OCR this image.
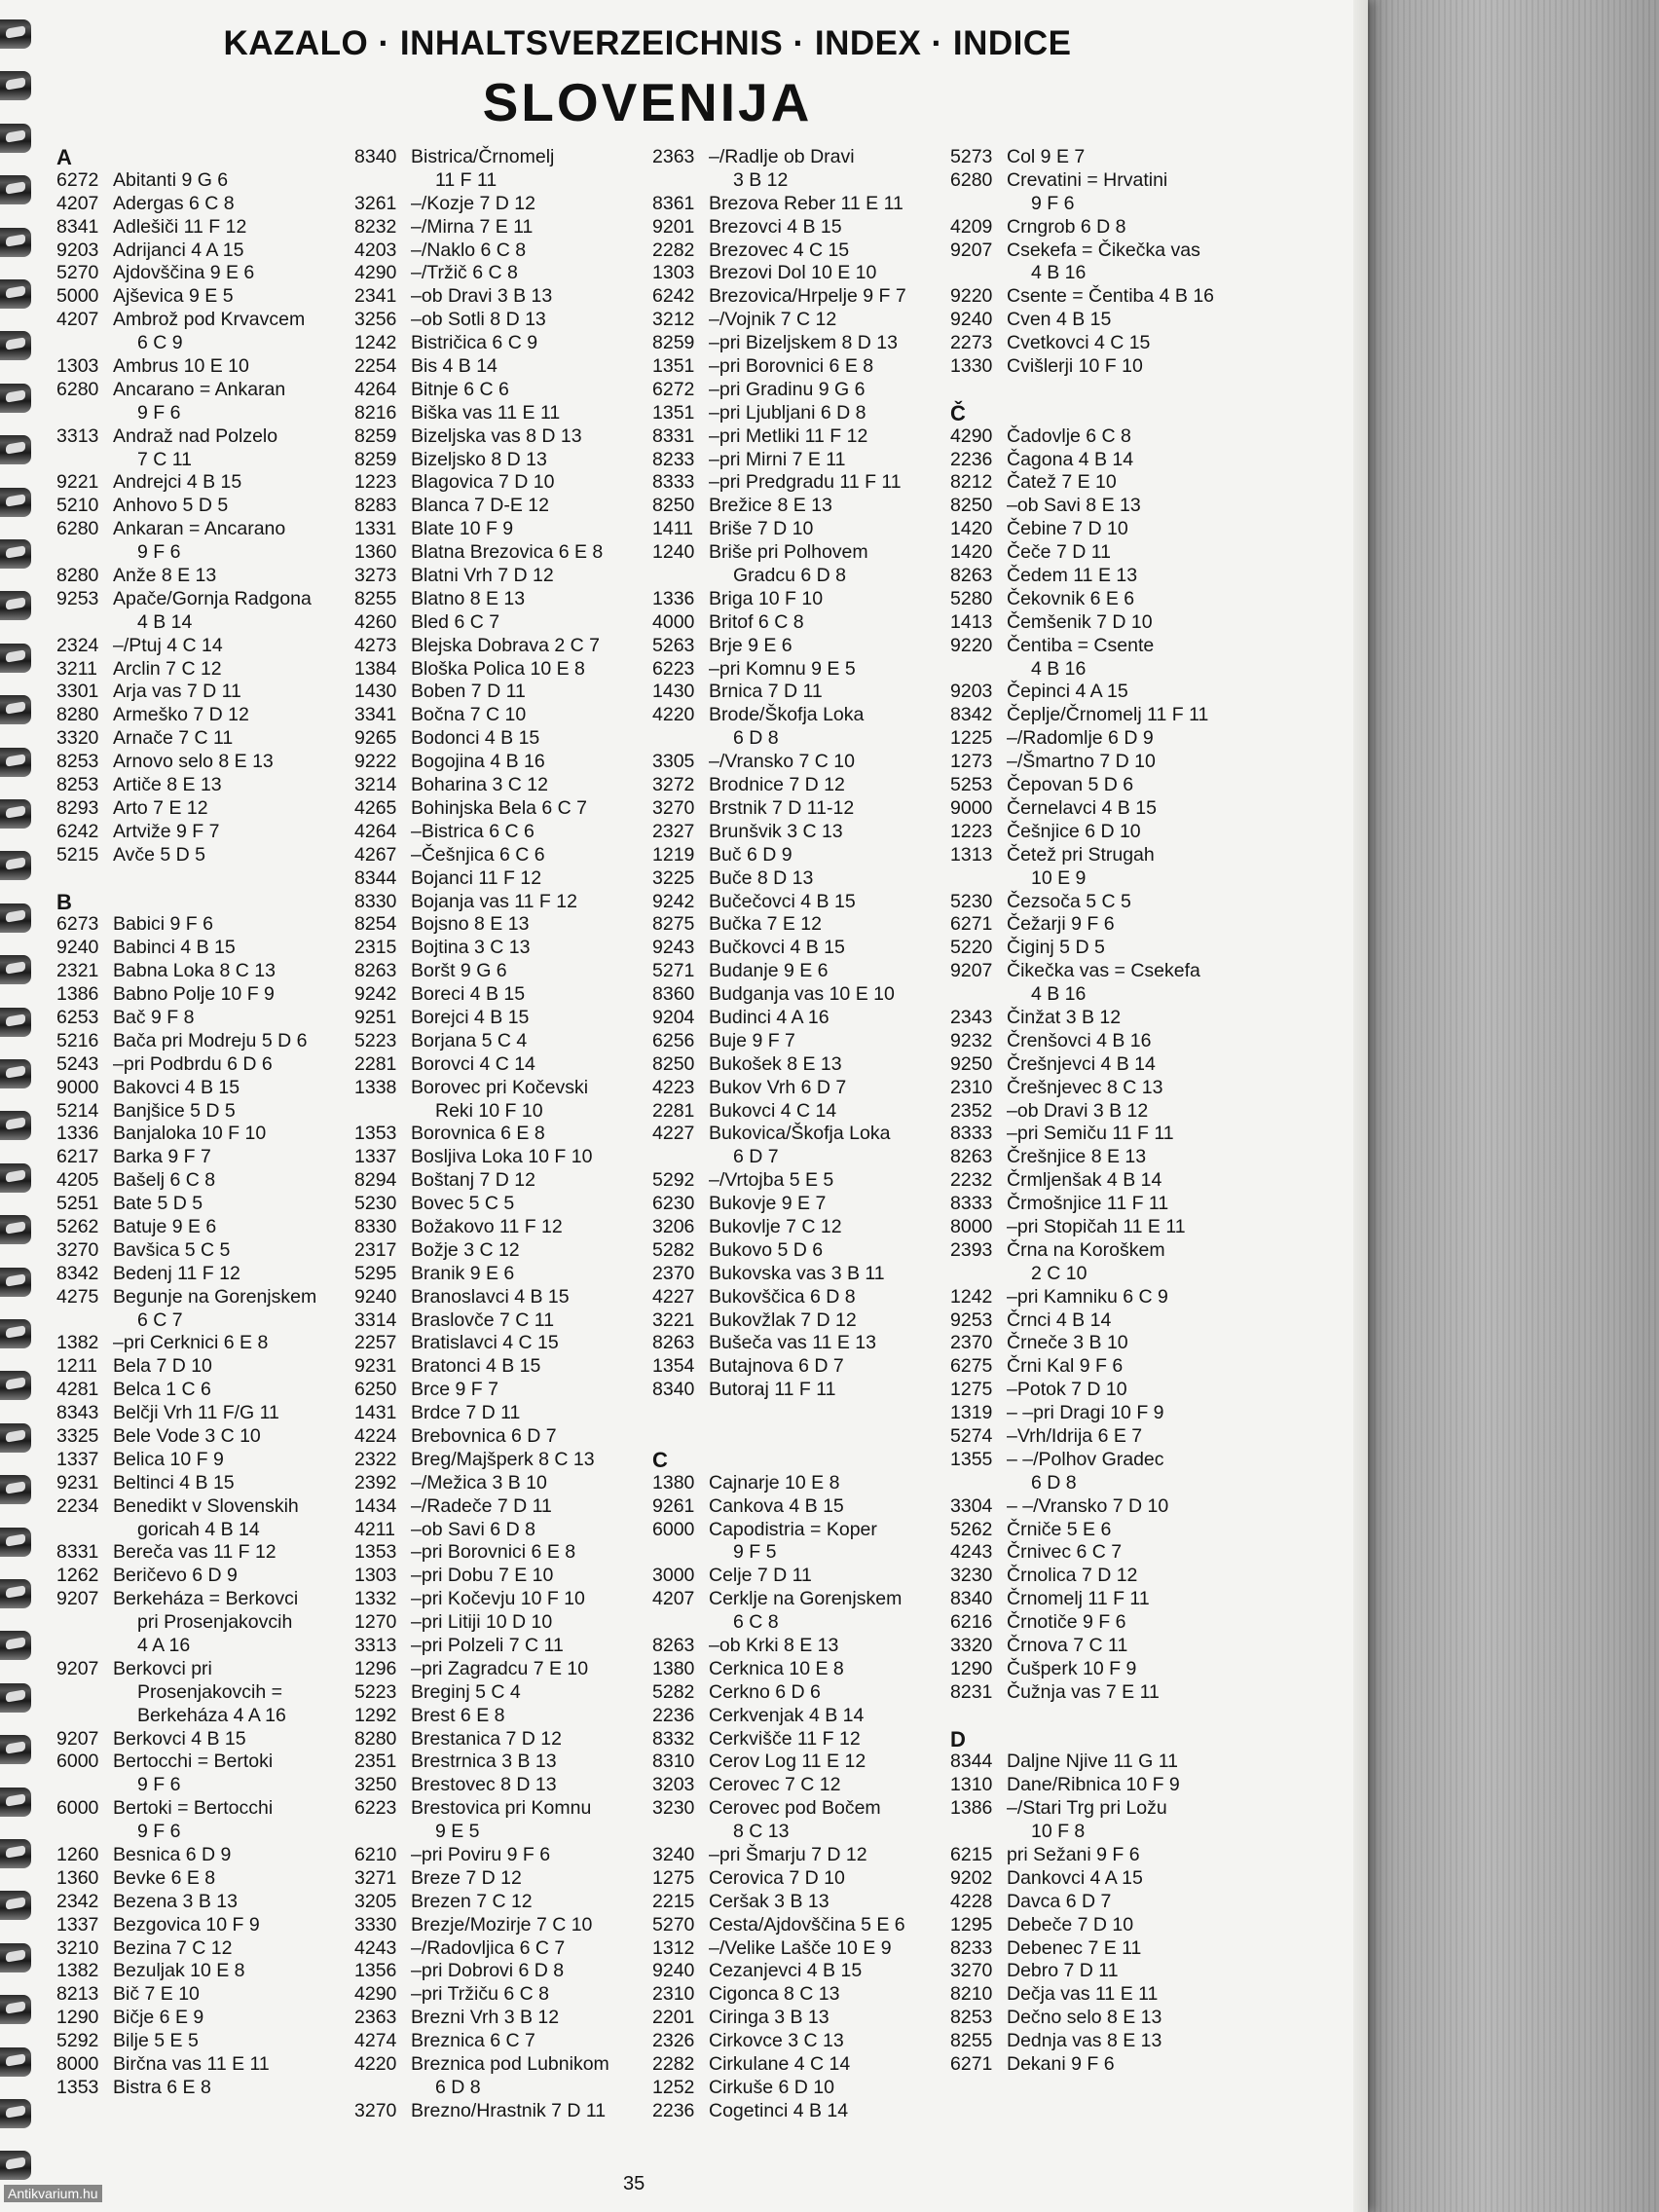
KAZALO · INHALTSVERZEICHNIS · INDEX · INDICE
SLOVENIJA
A
6272 Abitanti 9 G 6
4207 Adergas 6 C 8
8341 Adlešiči 11 F 12
9203 Adrijanci 4 A 15
5270 Ajdovščina 9 E 6
5000 Ajševica 9 E 5
4207 Ambrož pod Krvavcem
6 C 9
1303 Ambrus 10 E 10
6280 Ancarano = Ankaran
9 F 6
3313 Andraž nad Polzelo
7 C 11
9221 Andrejci 4 B 15
5210 Anhovo 5 D 5
6280 Ankaran = Ancarano
9 F 6
8280 Anže 8 E 13
9253 Apače/Gornja Radgona
4 B 14
2324 –/Ptuj 4 C 14
3211 Arclin 7 C 12
3301 Arja vas 7 D 11
8280 Armeško 7 D 12
3320 Arnače 7 C 11
8253 Arnovo selo 8 E 13
8253 Artiče 8 E 13
8293 Arto 7 E 12
6242 Artviže 9 F 7
5215 Avče 5 D 5
B
6273 Babici 9 F 6
9240 Babinci 4 B 15
2321 Babna Loka 8 C 13
1386 Babno Polje 10 F 9
6253 Bač 9 F 8
5216 Bača pri Modreju 5 D 6
5243 –pri Podbrdu 6 D 6
9000 Bakovci 4 B 15
5214 Banjšice 5 D 5
1336 Banjaloka 10 F 10
6217 Barka 9 F 7
4205 Bašelj 6 C 8
5251 Bate 5 D 5
5262 Batuje 9 E 6
3270 Bavšica 5 C 5
8342 Bedenj 11 F 12
4275 Begunje na Gorenjskem
6 C 7
1382 –pri Cerknici 6 E 8
1211 Bela 7 D 10
4281 Belca 1 C 6
8343 Belčji Vrh 11 F/G 11
3325 Bele Vode 3 C 10
1337 Belica 10 F 9
9231 Beltinci 4 B 15
2234 Benedikt v Slovenskih
goricah 4 B 14
8331 Bereča vas 11 F 12
1262 Beričevo 6 D 9
9207 Berkeháza = Berkovci
pri Prosenjakovcih
4 A 16
9207 Berkovci pri
Prosenjakovcih =
Berkeháza 4 A 16
9207 Berkovci 4 B 15
6000 Bertocchi = Bertoki
9 F 6
6000 Bertoki = Bertocchi
9 F 6
1260 Besnica 6 D 9
1360 Bevke 6 E 8
2342 Bezena 3 B 13
1337 Bezgovica 10 F 9
3210 Bezina 7 C 12
1382 Bezuljak 10 E 8
8213 Bič 7 E 10
1290 Bičje 6 E 9
5292 Bilje 5 E 5
8000 Birčna vas 11 E 11
1353 Bistra 6 E 8
8340 Bistrica/Črnomelj
11 F 11
3261 –/Kozje 7 D 12
8232 –/Mirna 7 E 11
4203 –/Naklo 6 C 8
4290 –/Tržič 6 C 8
2341 –ob Dravi 3 B 13
3256 –ob Sotli 8 D 13
1242 Bistričica 6 C 9
2254 Bis 4 B 14
4264 Bitnje 6 C 6
8216 Biška vas 11 E 11
8259 Bizeljska vas 8 D 13
8259 Bizeljsko 8 D 13
1223 Blagovica 7 D 10
8283 Blanca 7 D-E 12
1331 Blate 10 F 9
1360 Blatna Brezovica 6 E 8
3273 Blatni Vrh 7 D 12
8255 Blatno 8 E 13
4260 Bled 6 C 7
4273 Blejska Dobrava 2 C 7
1384 Bloška Polica 10 E 8
1430 Boben 7 D 11
3341 Bočna 7 C 10
9265 Bodonci 4 B 15
9222 Bogojina 4 B 16
3214 Boharina 3 C 12
4265 Bohinjska Bela 6 C 7
4264 –Bistrica 6 C 6
4267 –Češnjica 6 C 6
8344 Bojanci 11 F 12
8330 Bojanja vas 11 F 12
8254 Bojsno 8 E 13
2315 Bojtina 3 C 13
8263 Boršt 9 G 6
9242 Boreci 4 B 15
9251 Borejci 4 B 15
5223 Borjana 5 C 4
2281 Borovci 4 C 14
1338 Borovec pri Kočevski
Reki 10 F 10
1353 Borovnica 6 E 8
1337 Bosljiva Loka 10 F 10
8294 Boštanj 7 D 12
5230 Bovec 5 C 5
8330 Božakovo 11 F 12
2317 Božje 3 C 12
5295 Branik 9 E 6
9240 Branoslavci 4 B 15
3314 Braslovče 7 C 11
2257 Bratislavci 4 C 15
9231 Bratonci 4 B 15
6250 Brce 9 F 7
1431 Brdce 7 D 11
4224 Brebovnica 6 D 7
2322 Breg/Majšperk 8 C 13
2392 –/Mežica 3 B 10
1434 –/Radeče 7 D 11
4211 –ob Savi 6 D 8
1353 –pri Borovnici 6 E 8
1303 –pri Dobu 7 E 10
1332 –pri Kočevju 10 F 10
1270 –pri Litiji 10 D 10
3313 –pri Polzeli 7 C 11
1296 –pri Zagradcu 7 E 10
5223 Breginj 5 C 4
1292 Brest 6 E 8
8280 Brestanica 7 D 12
2351 Brestrnica 3 B 13
3250 Brestovec 8 D 13
6223 Brestovica pri Komnu
9 E 5
6210 –pri Poviru 9 F 6
3271 Breze 7 D 12
3205 Brezen 7 C 12
3330 Brezje/Mozirje 7 C 10
4243 –/Radovljica 6 C 7
1356 –pri Dobrovi 6 D 8
4290 –pri Tržiču 6 C 8
2363 Brezni Vrh 3 B 12
4274 Breznica 6 C 7
4220 Breznica pod Lubnikom
6 D 8
3270 Brezno/Hrastnik 7 D 11
2363 –/Radlje ob Dravi
3 B 12
8361 Brezova Reber 11 E 11
9201 Brezovci 4 B 15
2282 Brezovec 4 C 15
1303 Brezovi Dol 10 E 10
6242 Brezovica/Hrpelje 9 F 7
3212 –/Vojnik 7 C 12
8259 –pri Bizeljskem 8 D 13
1351 –pri Borovnici 6 E 8
6272 –pri Gradinu 9 G 6
1351 –pri Ljubljani 6 D 8
8331 –pri Metliki 11 F 12
8233 –pri Mirni 7 E 11
8333 –pri Predgradu 11 F 11
8250 Brežice 8 E 13
1411 Briše 7 D 10
1240 Briše pri Polhovem
Gradcu 6 D 8
1336 Briga 10 F 10
4000 Britof 6 C 8
5263 Brje 9 E 6
6223 –pri Komnu 9 E 5
1430 Brnica 7 D 11
4220 Brode/Škofja Loka
6 D 8
3305 –/Vransko 7 C 10
3272 Brodnice 7 D 12
3270 Brstnik 7 D 11-12
2327 Brunšvik 3 C 13
1219 Buč 6 D 9
3225 Buče 8 D 13
9242 Bučečovci 4 B 15
8275 Bučka 7 E 12
9243 Bučkovci 4 B 15
5271 Budanje 9 E 6
8360 Budganja vas 10 E 10
9204 Budinci 4 A 16
6256 Buje 9 F 7
8250 Bukošek 8 E 13
4223 Bukov Vrh 6 D 7
2281 Bukovci 4 C 14
4227 Bukovica/Škofja Loka
6 D 7
5292 –/Vrtojba 5 E 5
6230 Bukovje 9 E 7
3206 Bukovlje 7 C 12
5282 Bukovo 5 D 6
2370 Bukovska vas 3 B 11
4227 Bukovščica 6 D 8
3221 Bukovžlak 7 D 12
8263 Bušeča vas 11 E 13
1354 Butajnova 6 D 7
8340 Butoraj 11 F 11
C
1380 Cajnarje 10 E 8
9261 Cankova 4 B 15
6000 Capodistria = Koper
9 F 5
3000 Celje 7 D 11
4207 Cerklje na Gorenjskem
6 C 8
8263 –ob Krki 8 E 13
1380 Cerknica 10 E 8
5282 Cerkno 6 D 6
2236 Cerkvenjak 4 B 14
8332 Cerkvišče 11 F 12
8310 Cerov Log 11 E 12
3203 Cerovec 7 C 12
3230 Cerovec pod Bočem
8 C 13
3240 –pri Šmarju 7 D 12
1275 Cerovica 7 D 10
2215 Ceršak 3 B 13
5270 Cesta/Ajdovščina 5 E 6
1312 –/Velike Lašče 10 E 9
9240 Cezanjevci 4 B 15
2310 Cigonca 8 C 13
2201 Ciringa 3 B 13
2326 Cirkovce 3 C 13
2282 Cirkulane 4 C 14
1252 Cirkuše 6 D 10
2236 Cogetinci 4 B 14
5273 Col 9 E 7
6280 Crevatini = Hrvatini
9 F 6
4209 Crngrob 6 D 8
9207 Csekefa = Čikečka vas
4 B 16
9220 Csente = Čentiba 4 B 16
9240 Cven 4 B 15
2273 Cvetkovci 4 C 15
1330 Cvišlerji 10 F 10
Č
4290 Čadovlje 6 C 8
2236 Čagona 4 B 14
8212 Čatež 7 E 10
8250 –ob Savi 8 E 13
1420 Čebine 7 D 10
1420 Čeče 7 D 11
8263 Čedem 11 E 13
5280 Čekovnik 6 E 6
1413 Čemšenik 7 D 10
9220 Čentiba = Csente
4 B 16
9203 Čepinci 4 A 15
8342 Čeplje/Črnomelj 11 F 11
1225 –/Radomlje 6 D 9
1273 –/Šmartno 7 D 10
5253 Čepovan 5 D 6
9000 Černelavci 4 B 15
1223 Češnjice 6 D 10
1313 Četež pri Strugah
10 E 9
5230 Čezsoča 5 C 5
6271 Čežarji 9 F 6
5220 Čiginj 5 D 5
9207 Čikečka vas = Csekefa
4 B 16
2343 Činžat 3 B 12
9232 Črenšovci 4 B 16
9250 Črešnjevci 4 B 14
2310 Črešnjevec 8 C 13
2352 –ob Dravi 3 B 12
8333 –pri Semiču 11 F 11
8263 Črešnjice 8 E 13
2232 Črmljenšak 4 B 14
8333 Črmošnjice 11 F 11
8000 –pri Stopičah 11 E 11
2393 Črna na Koroškem
2 C 10
1242 –pri Kamniku 6 C 9
9253 Črnci 4 B 14
2370 Črneče 3 B 10
6275 Črni Kal 9 F 6
1275 –Potok 7 D 10
1319 – –pri Dragi 10 F 9
5274 –Vrh/Idrija 6 E 7
1355 – –/Polhov Gradec
6 D 8
3304 – –/Vransko 7 D 10
5262 Črniče 5 E 6
4243 Črnivec 6 C 7
3230 Črnolica 7 D 12
8340 Črnomelj 11 F 11
6216 Črnotiče 9 F 6
3320 Črnova 7 C 11
1290 Čušperk 10 F 9
8231 Čužnja vas 7 E 11
D
8344 Daljne Njive 11 G 11
1310 Dane/Ribnica 10 F 9
1386 –/Stari Trg pri Ložu
10 F 8
6215 pri Sežani 9 F 6
9202 Dankovci 4 A 15
4228 Davca 6 D 7
1295 Debeče 7 D 10
8233 Debenec 7 E 11
3270 Debro 7 D 11
8210 Dečja vas 11 E 11
8253 Dečno selo 8 E 13
8255 Dednja vas 8 E 13
6271 Dekani 9 F 6
35
Antikvarium.hu
